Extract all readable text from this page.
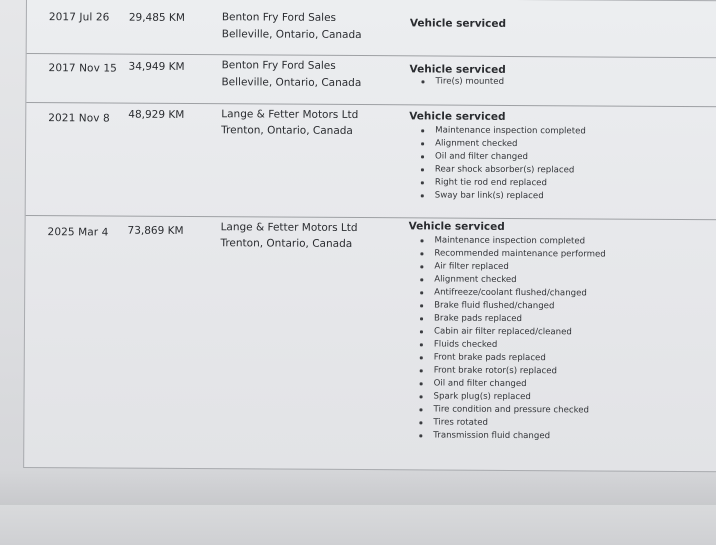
2017 Jul 26 29,485 KM	Benton Fry Ford Sales
Belleville, Ontario, Canada
Vehicle serviced
2017 Nov 15 34,949 KM	Benton Fry Ford Sales
Belleville, Ontario, Canada
Vehicle serviced
Tire(s) mounted
2021 Nov 8 48,929 KM	Lange & Fetter Motors Ltd
Trenton, Ontario, Canada
Vehicle serviced
Maintenance inspection completed
Alignment checked
Oil and filter changed
Rear shock absorber(s) replaced
Right tie rod end replaced
Sway bar link(s) replaced
2025 Mar 4 73,869 KM	Lange & Fetter Motors Ltd
Trenton, Ontario, Canada
Vehicle serviced
Maintenance inspection completed
Recommended maintenance performed
Air filter replaced
Alignment checked
Antifreeze/coolant flushed/changed
Brake fluid flushed/changed
Brake pads replaced
Cabin air filter replaced/cleaned
Fluids checked
Front brake pads replaced
Front brake rotor(s) replaced
Oil and filter changed
Spark plug(s) replaced
Tire condition and pressure checked
Tires rotated
Transmission fluid changed
